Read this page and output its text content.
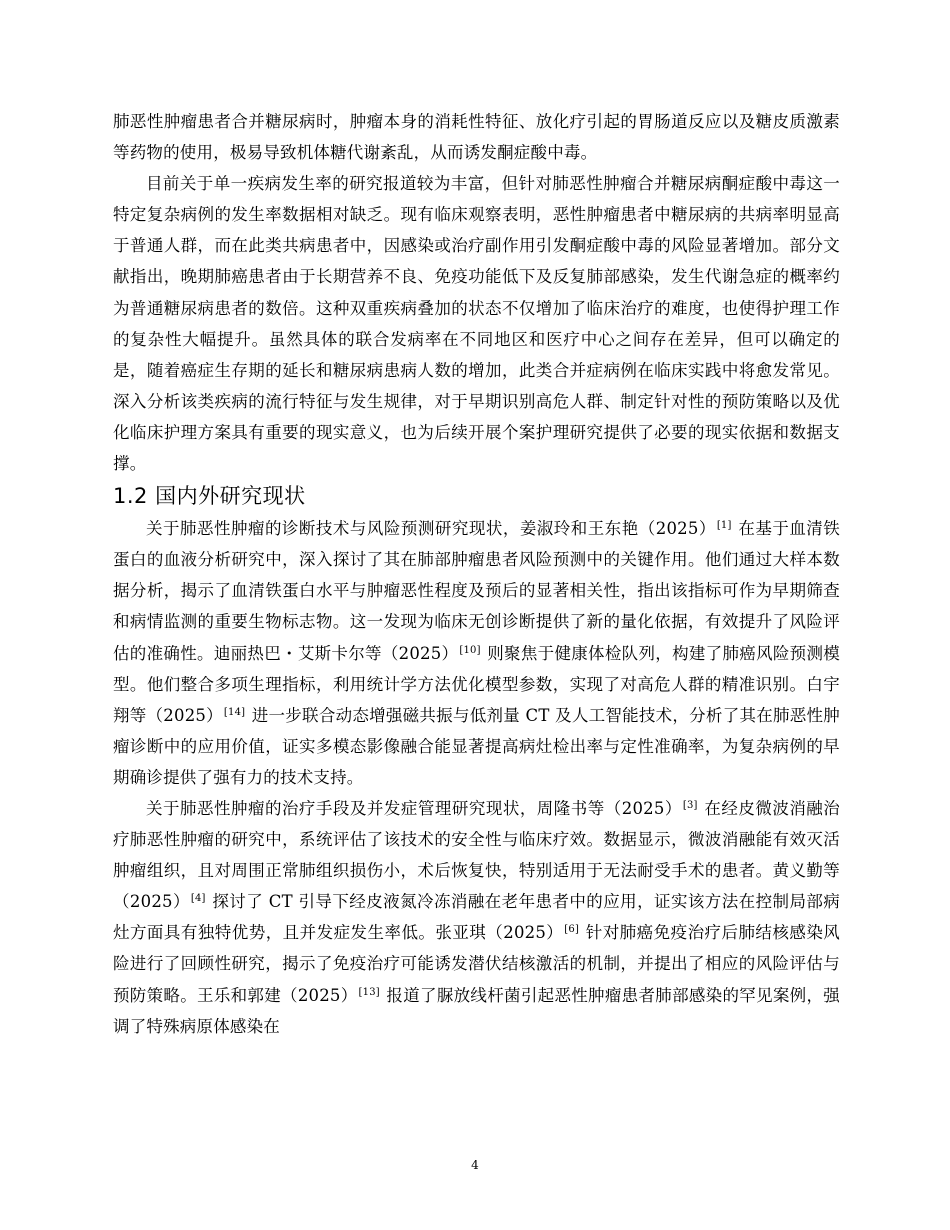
肺恶性肿瘤患者合并糖尿病时，肿瘤本身的消耗性特征、放化疗引起的胃肠道反应以及糖皮质激素等药物的使用，极易导致机体糖代谢紊乱，从而诱发酮症酸中毒。

目前关于单一疾病发生率的研究报道较为丰富，但针对肺恶性肿瘤合并糖尿病酮症酸中毒这一特定复杂病例的发生率数据相对缺乏。现有临床观察表明，恶性肿瘤患者中糖尿病的共病率明显高于普通人群，而在此类共病患者中，因感染或治疗副作用引发酮症酸中毒的风险显著增加。部分文献指出，晚期肺癌患者由于长期营养不良、免疫功能低下及反复肺部感染，发生代谢急症的概率约为普通糖尿病患者的数倍。这种双重疾病叠加的状态不仅增加了临床治疗的难度，也使得护理工作的复杂性大幅提升。虽然具体的联合发病率在不同地区和医疗中心之间存在差异，但可以确定的是，随着癌症生存期的延长和糖尿病患病人数的增加，此类合并症病例在临床实践中将愈发常见。深入分析该类疾病的流行特征与发生规律，对于早期识别高危人群、制定针对性的预防策略以及优化临床护理方案具有重要的现实意义，也为后续开展个案护理研究提供了必要的现实依据和数据支撑。

1.2 国内外研究现状

关于肺恶性肿瘤的诊断技术与风险预测研究现状，姜淑玲和王东艳（2025）[1] 在基于血清铁蛋白的血液分析研究中，深入探讨了其在肺部肿瘤患者风险预测中的关键作用。他们通过大样本数据分析，揭示了血清铁蛋白水平与肿瘤恶性程度及预后的显著相关性，指出该指标可作为早期筛查和病情监测的重要生物标志物。这一发现为临床无创诊断提供了新的量化依据，有效提升了风险评估的准确性。迪丽热巴・艾斯卡尔等（2025）[10] 则聚焦于健康体检队列，构建了肺癌风险预测模型。他们整合多项生理指标，利用统计学方法优化模型参数，实现了对高危人群的精准识别。白宇翔等（2025）[14] 进一步联合动态增强磁共振与低剂量 CT 及人工智能技术，分析了其在肺恶性肿瘤诊断中的应用价值，证实多模态影像融合能显著提高病灶检出率与定性准确率，为复杂病例的早期确诊提供了强有力的技术支持。

关于肺恶性肿瘤的治疗手段及并发症管理研究现状，周隆书等（2025）[3] 在经皮微波消融治疗肺恶性肿瘤的研究中，系统评估了该技术的安全性与临床疗效。数据显示，微波消融能有效灭活肿瘤组织，且对周围正常肺组织损伤小，术后恢复快，特别适用于无法耐受手术的患者。黄义勤等（2025）[4] 探讨了 CT 引导下经皮液氮冷冻消融在老年患者中的应用，证实该方法在控制局部病灶方面具有独特优势，且并发症发生率低。张亚琪（2025）[6] 针对肺癌免疫治疗后肺结核感染风险进行了回顾性研究，揭示了免疫治疗可能诱发潜伏结核激活的机制，并提出了相应的风险评估与预防策略。王乐和郭建（2025）[13] 报道了脲放线杆菌引起恶性肿瘤患者肺部感染的罕见案例，强调了特殊病原体感染在

4
